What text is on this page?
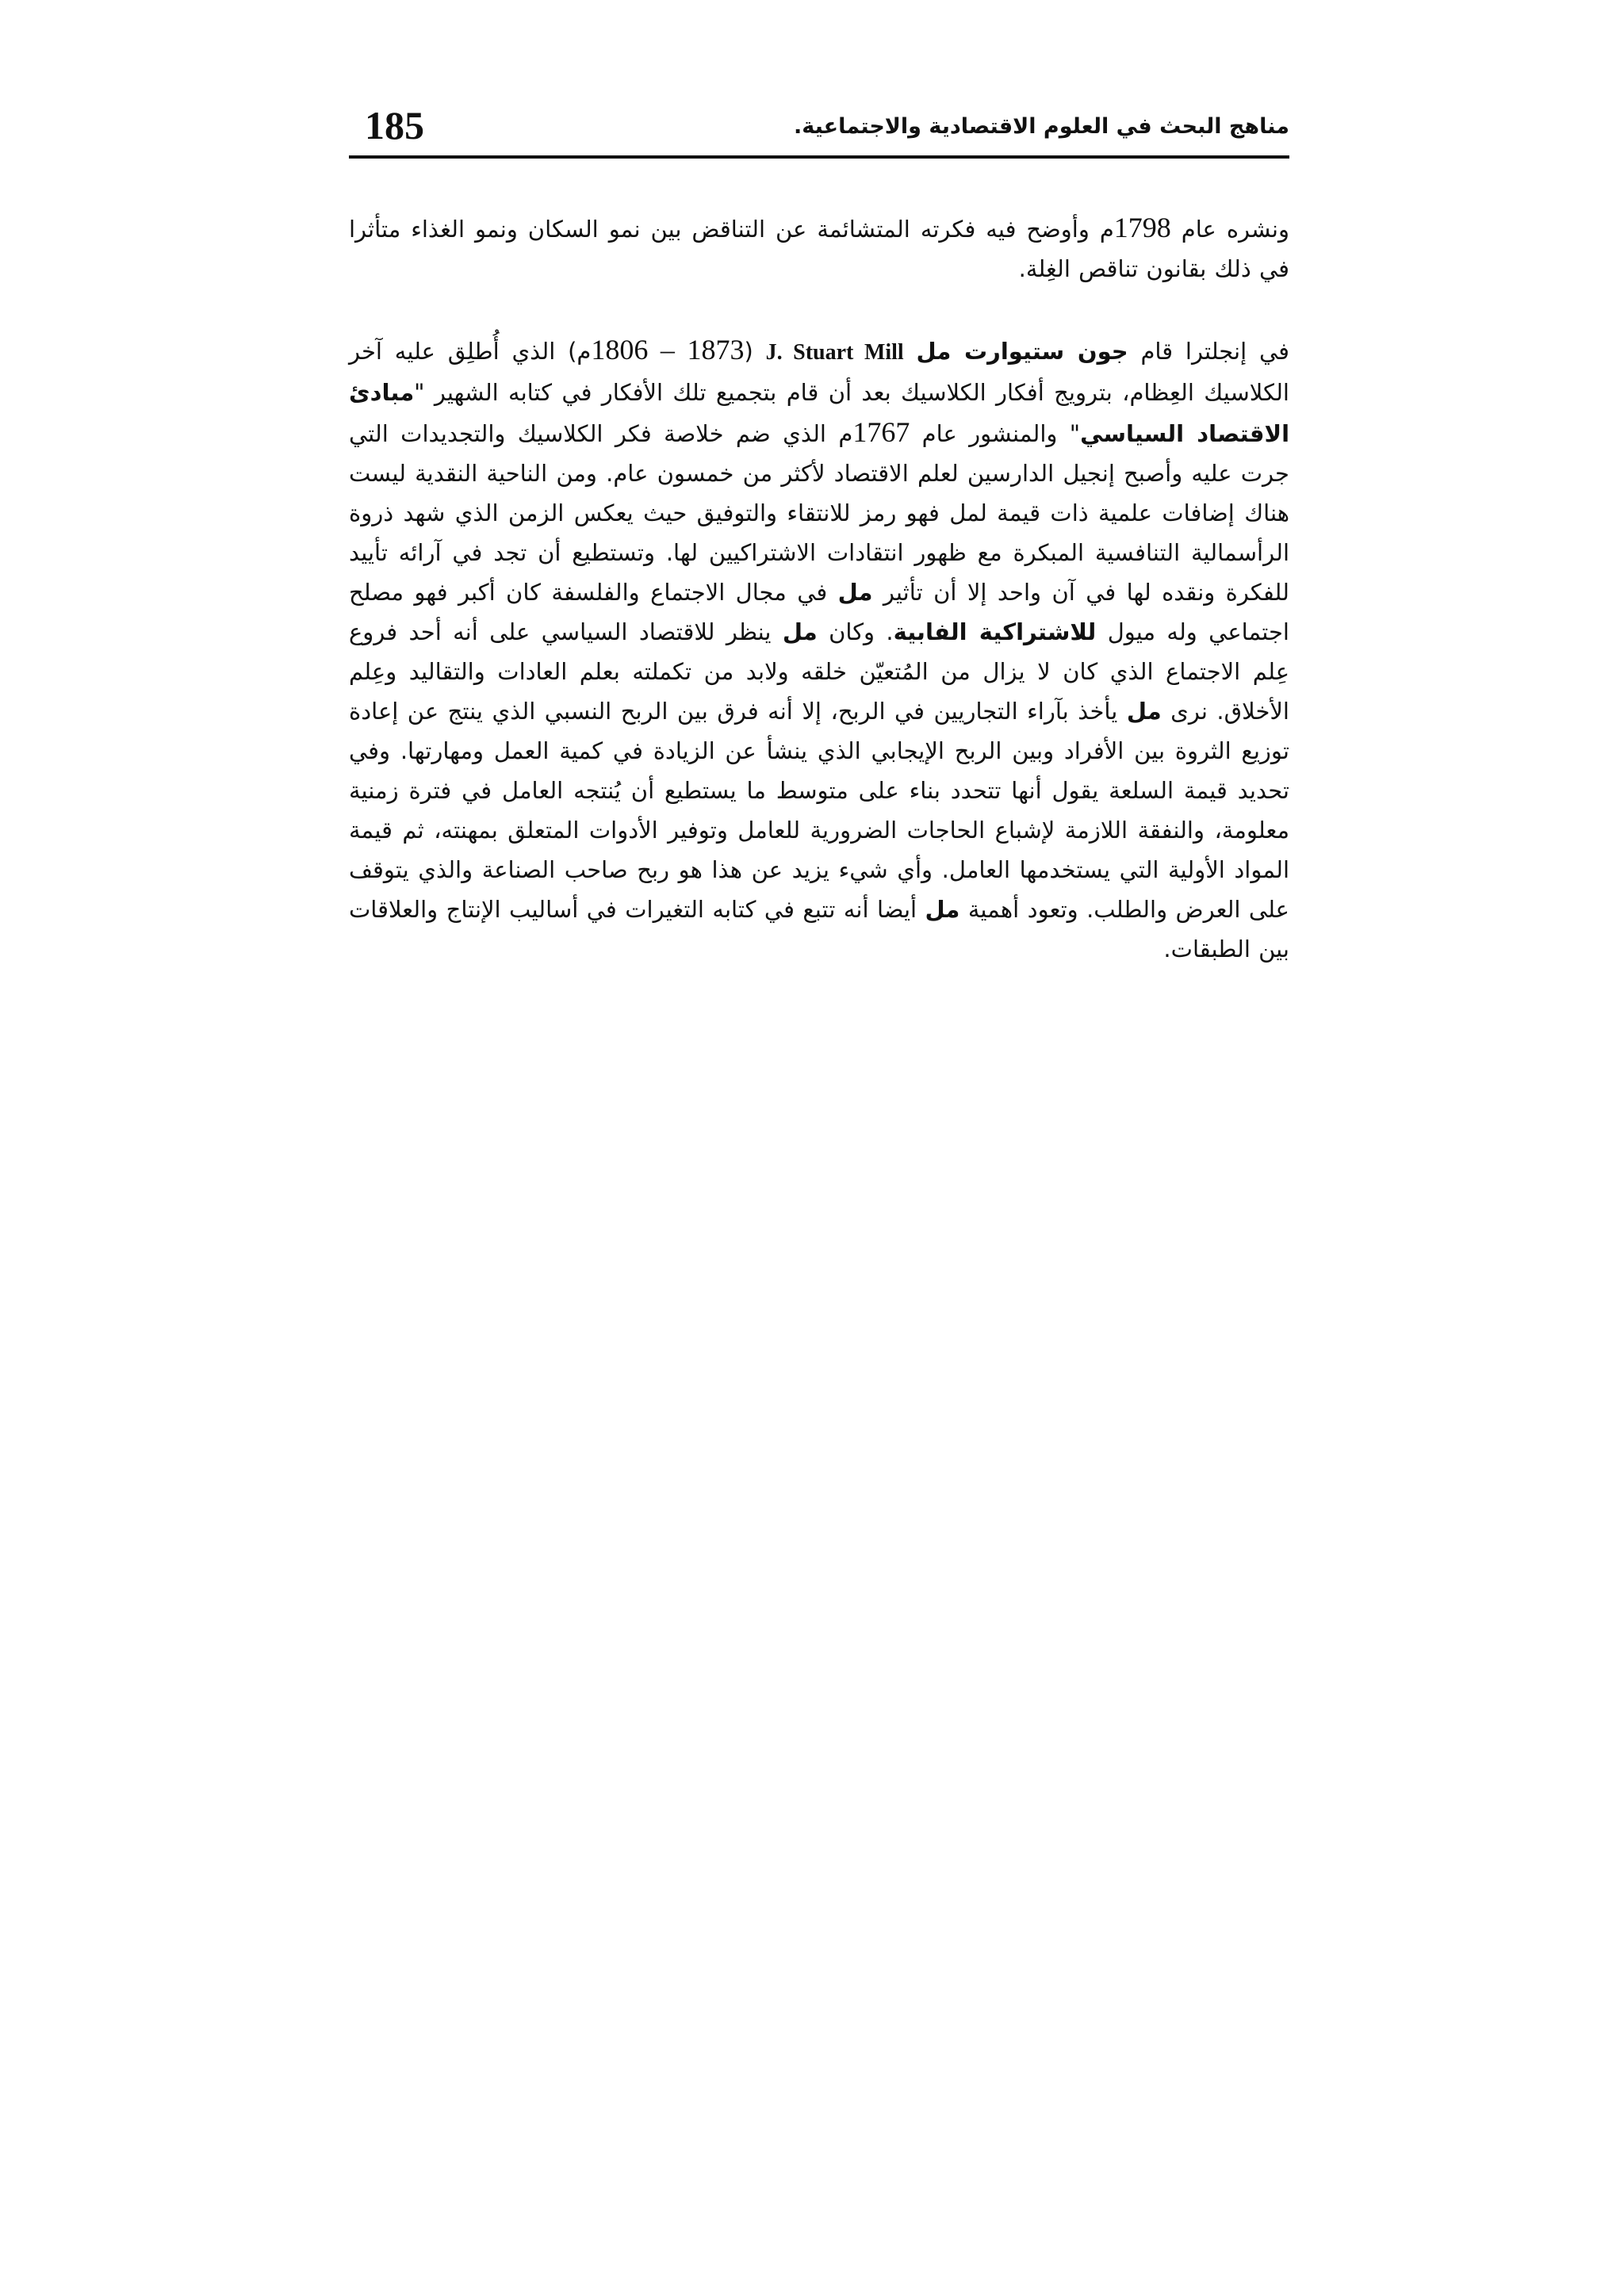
185	مناهج البحث في العلوم الاقتصادية والاجتماعية.

ونشره عام 1798م وأوضح فيه فكرته المتشائمة عن التناقض بين نمو السكان ونمو الغذاء متأثرا في ذلك بقانون تناقص الغِلة.

في إنجلترا قام جون ستيوارت مل J. Stuart Mill (1806 – 1873م) الذي أُطلِق عليه آخر الكلاسيك العِظام، بترويج أفكار الكلاسيك بعد أن قام بتجميع تلك الأفكار في كتابه الشهير "مبادئ الاقتصاد السياسي" والمنشور عام 1767م الذي ضم خلاصة فكر الكلاسيك والتجديدات التي جرت عليه وأصبح إنجيل الدارسين لعلم الاقتصاد لأكثر من خمسون عام. ومن الناحية النقدية ليست هناك إضافات علمية ذات قيمة لمل فهو رمز للانتقاء والتوفيق حيث يعكس الزمن الذي شهد ذروة الرأسمالية التنافسية المبكرة مع ظهور انتقادات الاشتراكيين لها. وتستطيع أن تجد في آرائه تأييد للفكرة ونقده لها في آن واحد إلا أن تأثير مل في مجال الاجتماع والفلسفة كان أكبر فهو مصلح اجتماعي وله ميول للاشتراكية الفابية. وكان مل ينظر للاقتصاد السياسي على أنه أحد فروع عِلم الاجتماع الذي كان لا يزال من المُتعيّن خلقه ولابد من تكملته بعلم العادات والتقاليد وعِلم الأخلاق. نرى مل يأخذ بآراء التجاريين في الربح، إلا أنه فرق بين الربح النسبي الذي ينتج عن إعادة توزيع الثروة بين الأفراد وبين الربح الإيجابي الذي ينشأ عن الزيادة في كمية العمل ومهارتها. وفي تحديد قيمة السلعة يقول أنها تتحدد بناء على متوسط ما يستطيع أن يُنتجه العامل في فترة زمنية معلومة، والنفقة اللازمة لإشباع الحاجات الضرورية للعامل وتوفير الأدوات المتعلق بمهنته، ثم قيمة المواد الأولية التي يستخدمها العامل. وأي شيء يزيد عن هذا هو ربح صاحب الصناعة والذي يتوقف على العرض والطلب. وتعود أهمية مل أيضا أنه تتبع في كتابه التغيرات في أساليب الإنتاج والعلاقات بين الطبقات.
